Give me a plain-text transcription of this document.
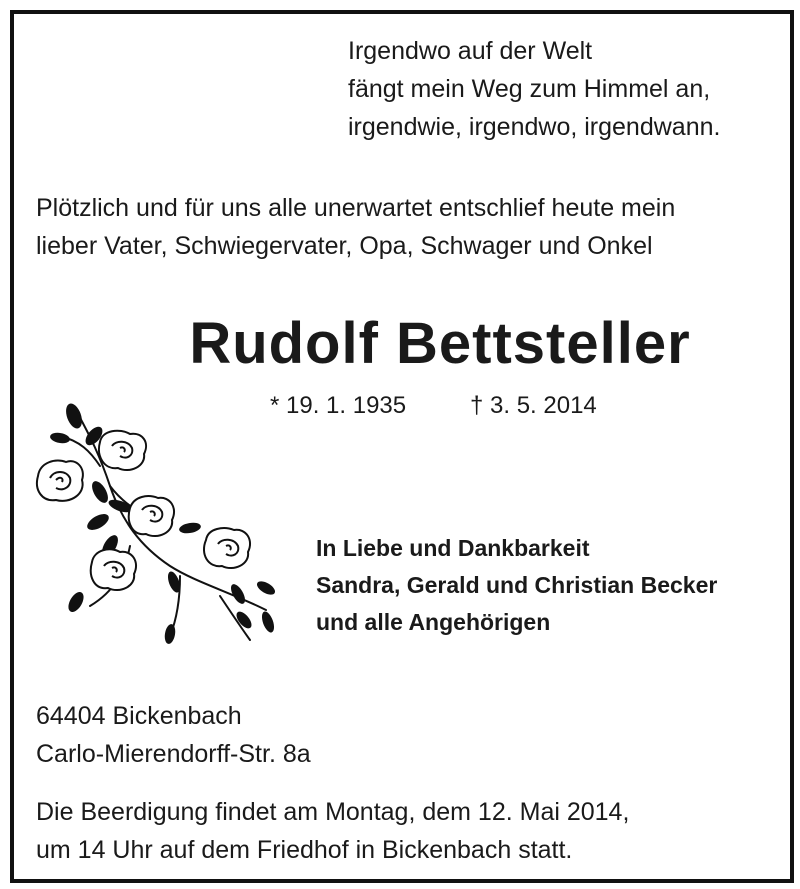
Irgendwo auf der Welt
fängt mein Weg zum Himmel an,
irgendwie, irgendwo, irgendwann.
Plötzlich und für uns alle unerwartet entschlief heute mein
lieber Vater, Schwiegervater, Opa, Schwager und Onkel
Rudolf Bettsteller
* 19. 1. 1935	† 3. 5. 2014
In Liebe und Dankbarkeit
Sandra, Gerald und Christian Becker
und alle Angehörigen
64404 Bickenbach
Carlo-Mierendorff-Str. 8a
Die Beerdigung findet am Montag, dem 12. Mai 2014,
um 14 Uhr auf dem Friedhof in Bickenbach statt.
